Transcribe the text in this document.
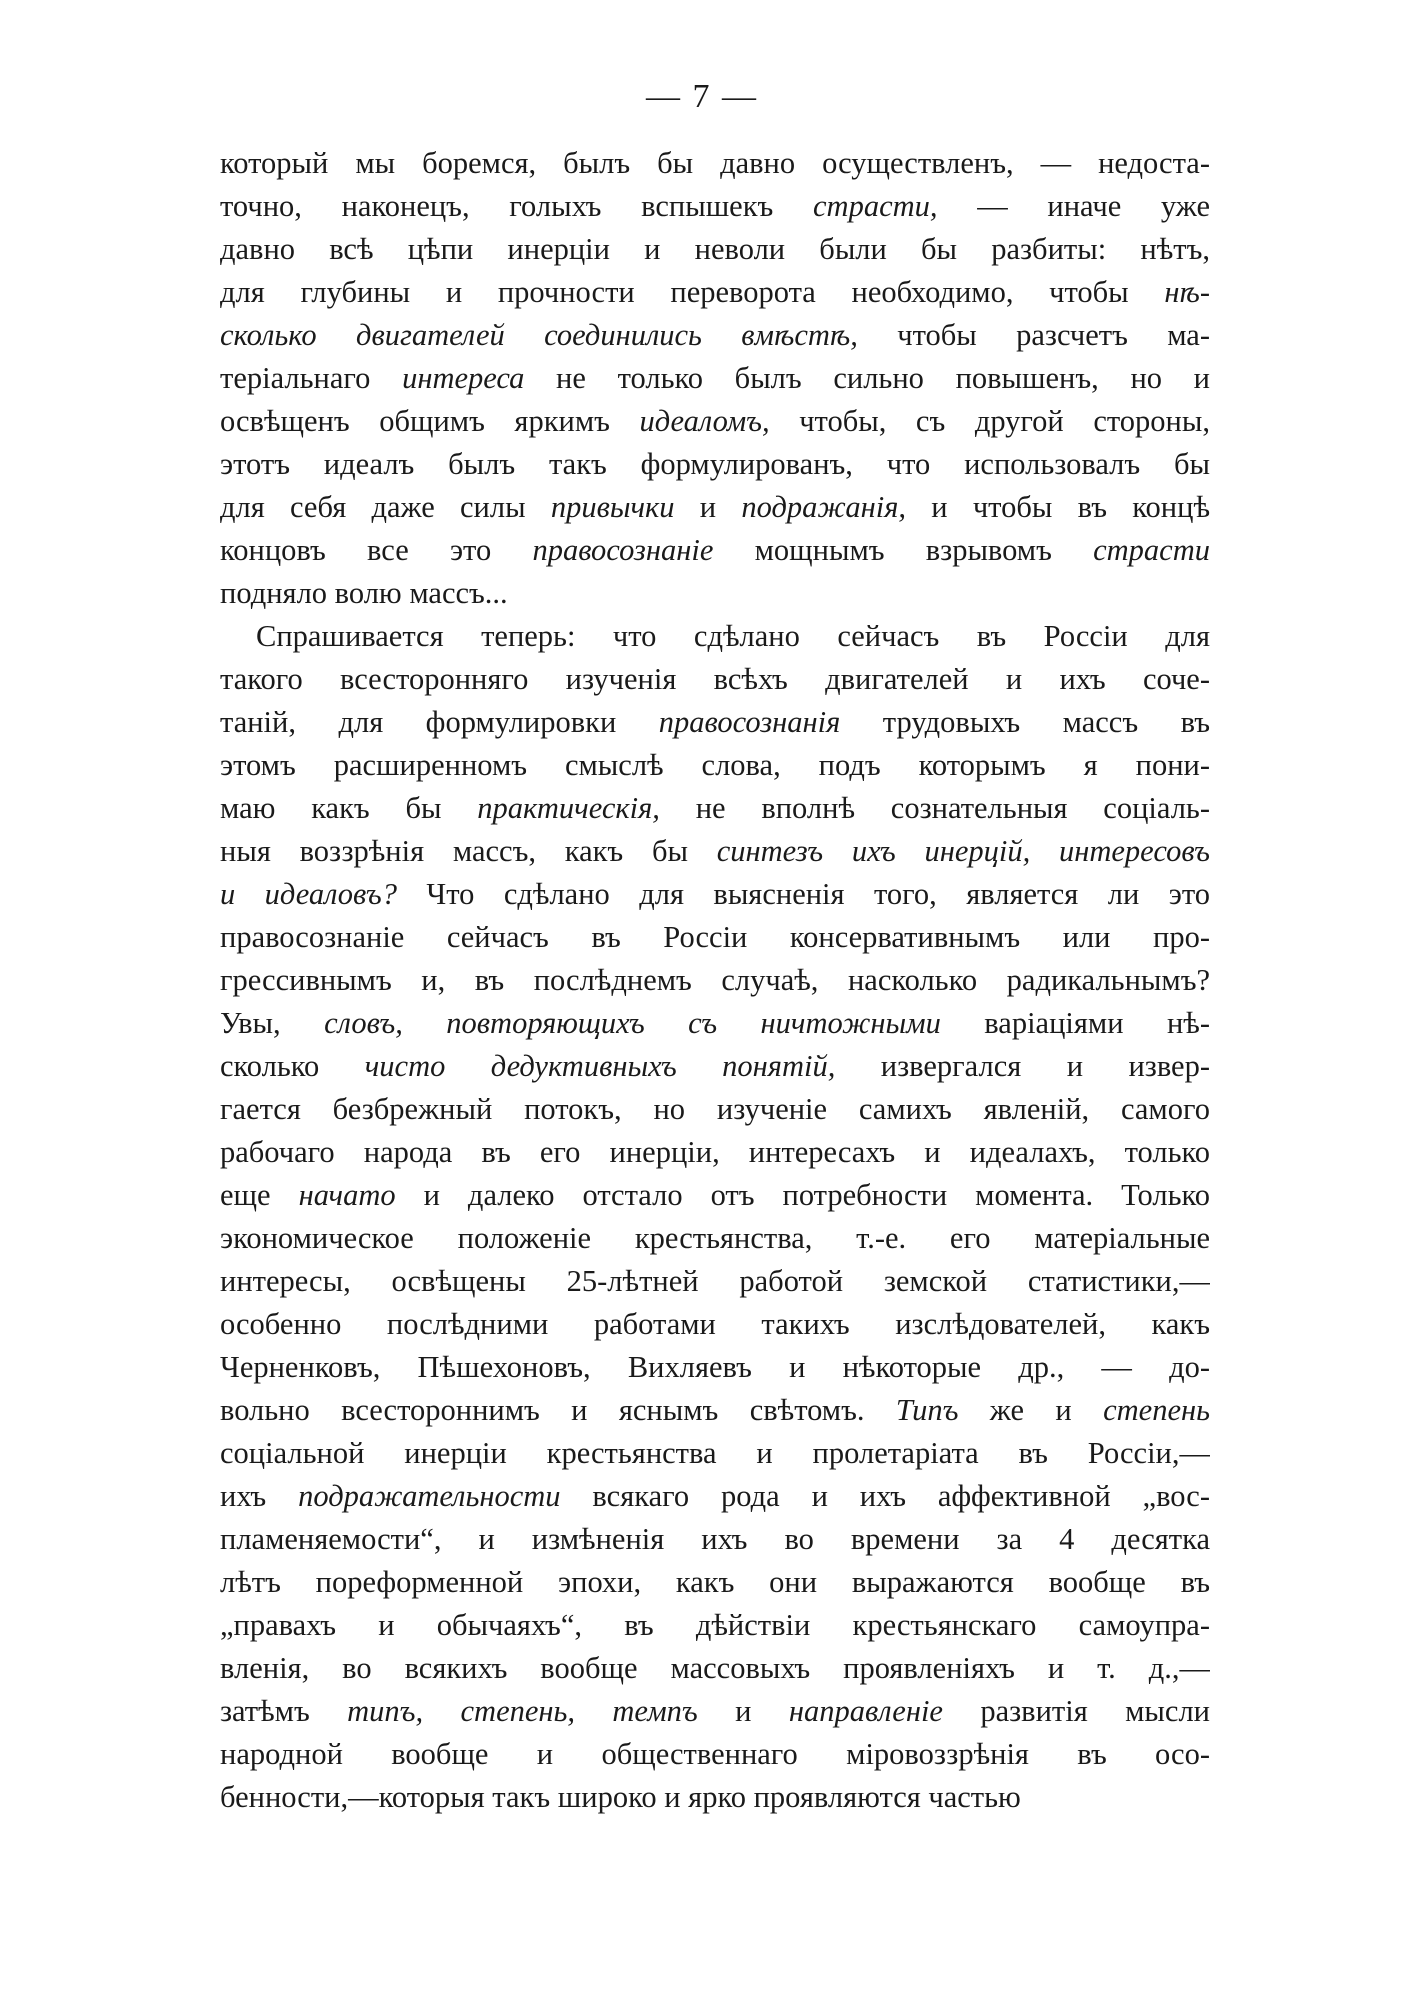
— 7 —
который мы боремся, былъ бы давно осуществленъ, — недоста-
точно, наконецъ, голыхъ вспышекъ страсти, — иначе уже
давно всѣ цѣпи инерціи и неволи были бы разбиты: нѣтъ,
для глубины и прочности переворота необходимо, чтобы нѣ-
сколько двигателей соединились вмѣстѣ, чтобы разсчетъ ма-
теріальнаго интереса не только былъ сильно повышенъ, но и
освѣщенъ общимъ яркимъ идеаломъ, чтобы, съ другой стороны,
этотъ идеалъ былъ такъ формулированъ, что использовалъ бы
для себя даже силы привычки и подражанія, и чтобы въ концѣ
концовъ все это правосознаніе мощнымъ взрывомъ страсти
подняло волю массъ...
Спрашивается теперь: что сдѣлано сейчасъ въ Россіи для
такого всесторонняго изученія всѣхъ двигателей и ихъ соче-
таній, для формулировки правосознанія трудовыхъ массъ въ
этомъ расширенномъ смыслѣ слова, подъ которымъ я пони-
маю какъ бы практическія, не вполнѣ сознательныя соціаль-
ныя воззрѣнія массъ, какъ бы синтезъ ихъ инерцій, интересовъ
и идеаловъ? Что сдѣлано для выясненія того, является ли это
правосознаніе сейчасъ въ Россіи консервативнымъ или про-
грессивнымъ и, въ послѣднемъ случаѣ, насколько радикальнымъ?
Увы, словъ, повторяющихъ съ ничтожными варіаціями нѣ-
сколько чисто дедуктивныхъ понятій, извергался и извер-
гается безбрежный потокъ, но изученіе самихъ явленій, самого
рабочаго народа въ его инерціи, интересахъ и идеалахъ, только
еще начато и далеко отстало отъ потребности момента. Только
экономическое положеніе крестьянства, т.-е. его матеріальные
интересы, освѣщены 25-лѣтней работой земской статистики,—
особенно послѣдними работами такихъ изслѣдователей, какъ
Черненковъ, Пѣшехоновъ, Вихляевъ и нѣкоторые др., — до-
вольно всестороннимъ и яснымъ свѣтомъ. Типъ же и степень
соціальной инерціи крестьянства и пролетаріата въ Россіи,—
ихъ подражательности всякаго рода и ихъ аффективной „вос-
пламеняемости“, и измѣненія ихъ во времени за 4 десятка
лѣтъ пореформенной эпохи, какъ они выражаются вообще въ
„правахъ и обычаяхъ“, въ дѣйствіи крестьянскаго самоупра-
вленія, во всякихъ вообще массовыхъ проявленіяхъ и т. д.,—
затѣмъ типъ, степень, темпъ и направленіе развитія мысли
народной вообще и общественнаго міровоззрѣнія въ осо-
бенности,—которыя такъ широко и ярко проявляются частью
